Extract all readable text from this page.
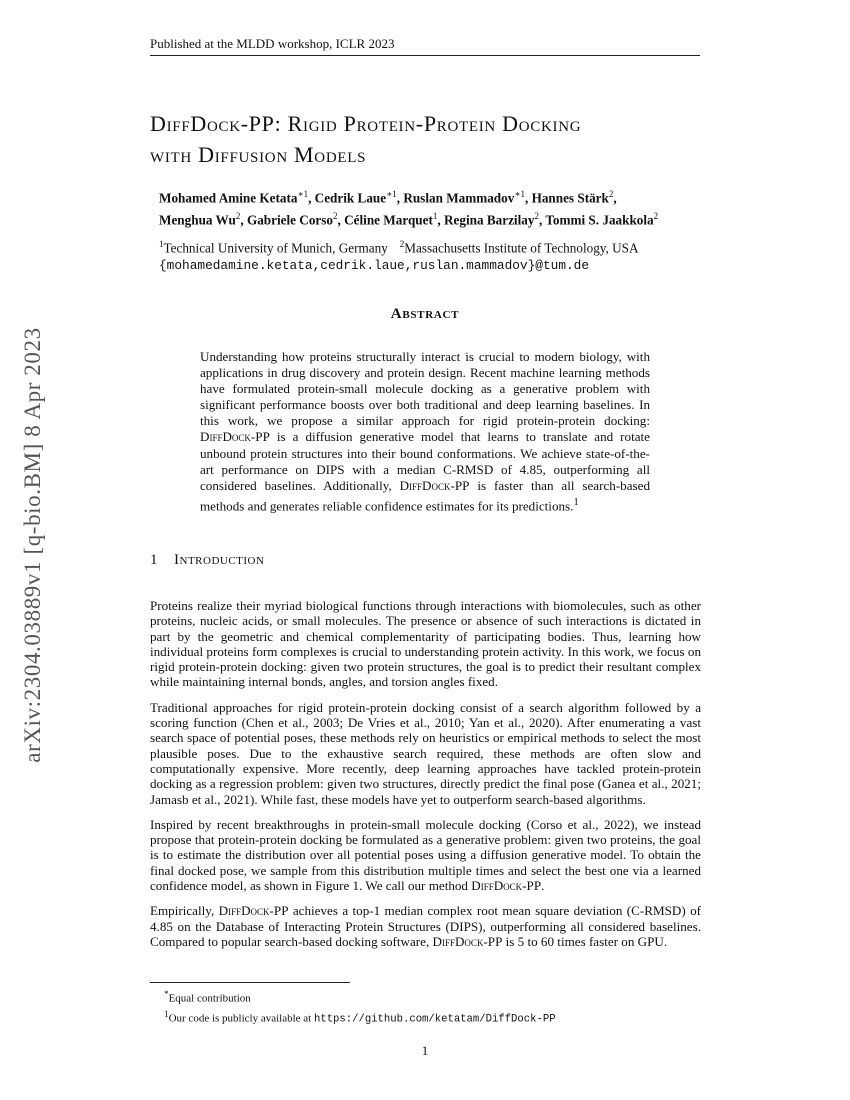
Published at the MLDD workshop, ICLR 2023
arXiv:2304.03889v1 [q-bio.BM] 8 Apr 2023
DiffDock-PP: Rigid Protein-Protein Docking
with Diffusion Models

Mohamed Amine Ketata$^{∗1}$, Cedrik Laue$^{∗1}$, Ruslan Mammadov$^{∗1}$, Hannes Stärk$^2$,
Menghua Wu$^2$, Gabriele Corso$^2$, Céline Marquet$^1$, Regina Barzilay$^2$, Tommi S. Jaakkola$^2$

$^1$Technical University of Munich, Germany $^2$Massachusetts Institute of Technology, USA
{mohamedamine.ketata,cedrik.laue,ruslan.mammadov}@tum.de

Abstract

Understanding how proteins structurally interact is crucial to modern biology, with applications in drug discovery and protein design. Recent machine learning methods have formulated protein-small molecule docking as a generative problem with significant performance boosts over both traditional and deep learning baselines. In this work, we propose a similar approach for rigid protein-protein docking: DiffDock-PP is a diffusion generative model that learns to translate and rotate unbound protein structures into their bound conformations. We achieve state-of-the-art performance on DIPS with a median C-RMSD of 4.85, outperforming all considered baselines. Additionally, DiffDock-PP is faster than all search-based methods and generates reliable confidence estimates for its predictions.$^1$

1 Introduction

Proteins realize their myriad biological functions through interactions with biomolecules, such as other proteins, nucleic acids, or small molecules. The presence or absence of such interactions is dictated in part by the geometric and chemical complementarity of participating bodies. Thus, learning how individual proteins form complexes is crucial to understanding protein activity. In this work, we focus on rigid protein-protein docking: given two protein structures, the goal is to predict their resultant complex while maintaining internal bonds, angles, and torsion angles fixed.

Traditional approaches for rigid protein-protein docking consist of a search algorithm followed by a scoring function (Chen et al., 2003; De Vries et al., 2010; Yan et al., 2020). After enumerating a vast search space of potential poses, these methods rely on heuristics or empirical methods to select the most plausible poses. Due to the exhaustive search required, these methods are often slow and computationally expensive. More recently, deep learning approaches have tackled protein-protein docking as a regression problem: given two structures, directly predict the final pose (Ganea et al., 2021; Jamasb et al., 2021). While fast, these models have yet to outperform search-based algorithms.

Inspired by recent breakthroughs in protein-small molecule docking (Corso et al., 2022), we instead propose that protein-protein docking be formulated as a generative problem: given two proteins, the goal is to estimate the distribution over all potential poses using a diffusion generative model. To obtain the final docked pose, we sample from this distribution multiple times and select the best one via a learned confidence model, as shown in Figure 1. We call our method DiffDock-PP.

Empirically, DiffDock-PP achieves a top-1 median complex root mean square deviation (C-RMSD) of 4.85 on the Database of Interacting Protein Structures (DIPS), outperforming all considered baselines. Compared to popular search-based docking software, DiffDock-PP is 5 to 60 times faster on GPU.

*Equal contribution
$^1$Our code is publicly available at https://github.com/ketatam/DiffDock-PP
1
